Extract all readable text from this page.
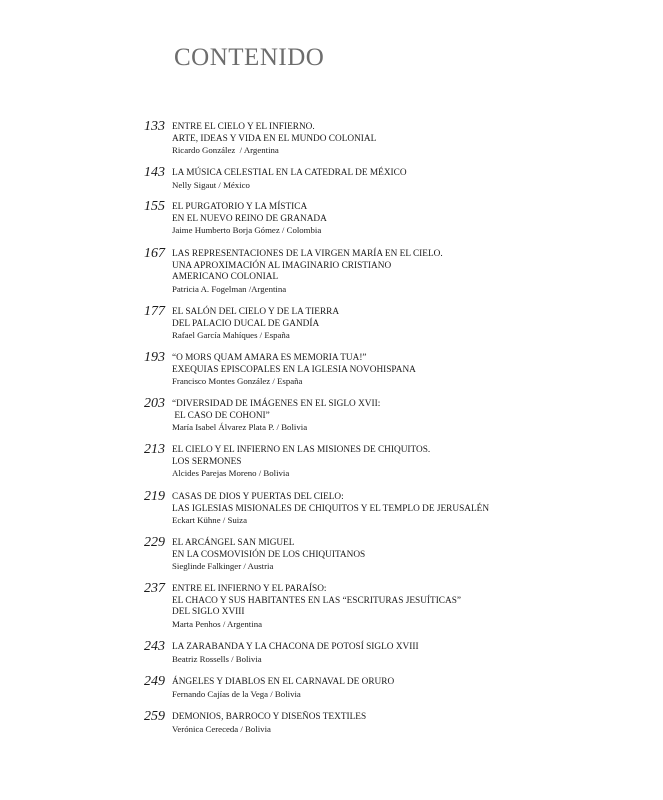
CONTENIDO
133 ENTRE EL CIELO Y EL INFIERNO.
ARTE, IDEAS Y VIDA EN EL MUNDO COLONIAL
Ricardo González  / Argentina
143 LA MÚSICA CELESTIAL EN LA CATEDRAL DE MÉXICO
Nelly Sigaut / México
155 EL PURGATORIO Y LA MÍSTICA
EN EL NUEVO REINO DE GRANADA
Jaime Humberto Borja Gómez / Colombia
167 LAS REPRESENTACIONES DE LA VIRGEN MARÍA EN EL CIELO.
UNA APROXIMACIÓN AL IMAGINARIO CRISTIANO
AMERICANO COLONIAL
Patricia A. Fogelman /Argentina
177 EL SALÓN DEL CIELO Y DE LA TIERRA
DEL PALACIO DUCAL DE GANDÍA
Rafael García Mahíques / España
193 “O MORS QUAM AMARA ES MEMORIA TUA!”
EXEQUIAS EPISCOPALES EN LA IGLESIA NOVOHISPANA
Francisco Montes González / España
203 “DIVERSIDAD DE IMÁGENES EN EL SIGLO XVII:
EL CASO DE COHONI”
María Isabel Álvarez Plata P. / Bolivia
213 EL CIELO Y EL INFIERNO EN LAS MISIONES DE CHIQUITOS.
LOS SERMONES
Alcides Parejas Moreno / Bolivia
219 CASAS DE DIOS Y PUERTAS DEL CIELO:
LAS IGLESIAS MISIONALES DE CHIQUITOS Y EL TEMPLO DE JERUSALÉN
Eckart Kühne / Suiza
229 EL ARCÁNGEL SAN MIGUEL
EN LA COSMOVISIÓN DE LOS CHIQUITANOS
Sieglinde Falkinger / Austria
237 ENTRE EL INFIERNO Y EL PARAÍSO:
EL CHACO Y SUS HABITANTES EN LAS “ESCRITURAS JESUÍTICAS”
DEL SIGLO XVIII
Marta Penhos / Argentina
243 LA ZARABANDA Y LA CHACONA DE POTOSÍ SIGLO XVIII
Beatriz Rossells / Bolivia
249 ÁNGELES Y DIABLOS EN EL CARNAVAL DE ORURO
Fernando Cajías de la Vega / Bolivia
259 DEMONIOS, BARROCO Y DISEÑOS TEXTILES
Verónica Cereceda / Bolivia
